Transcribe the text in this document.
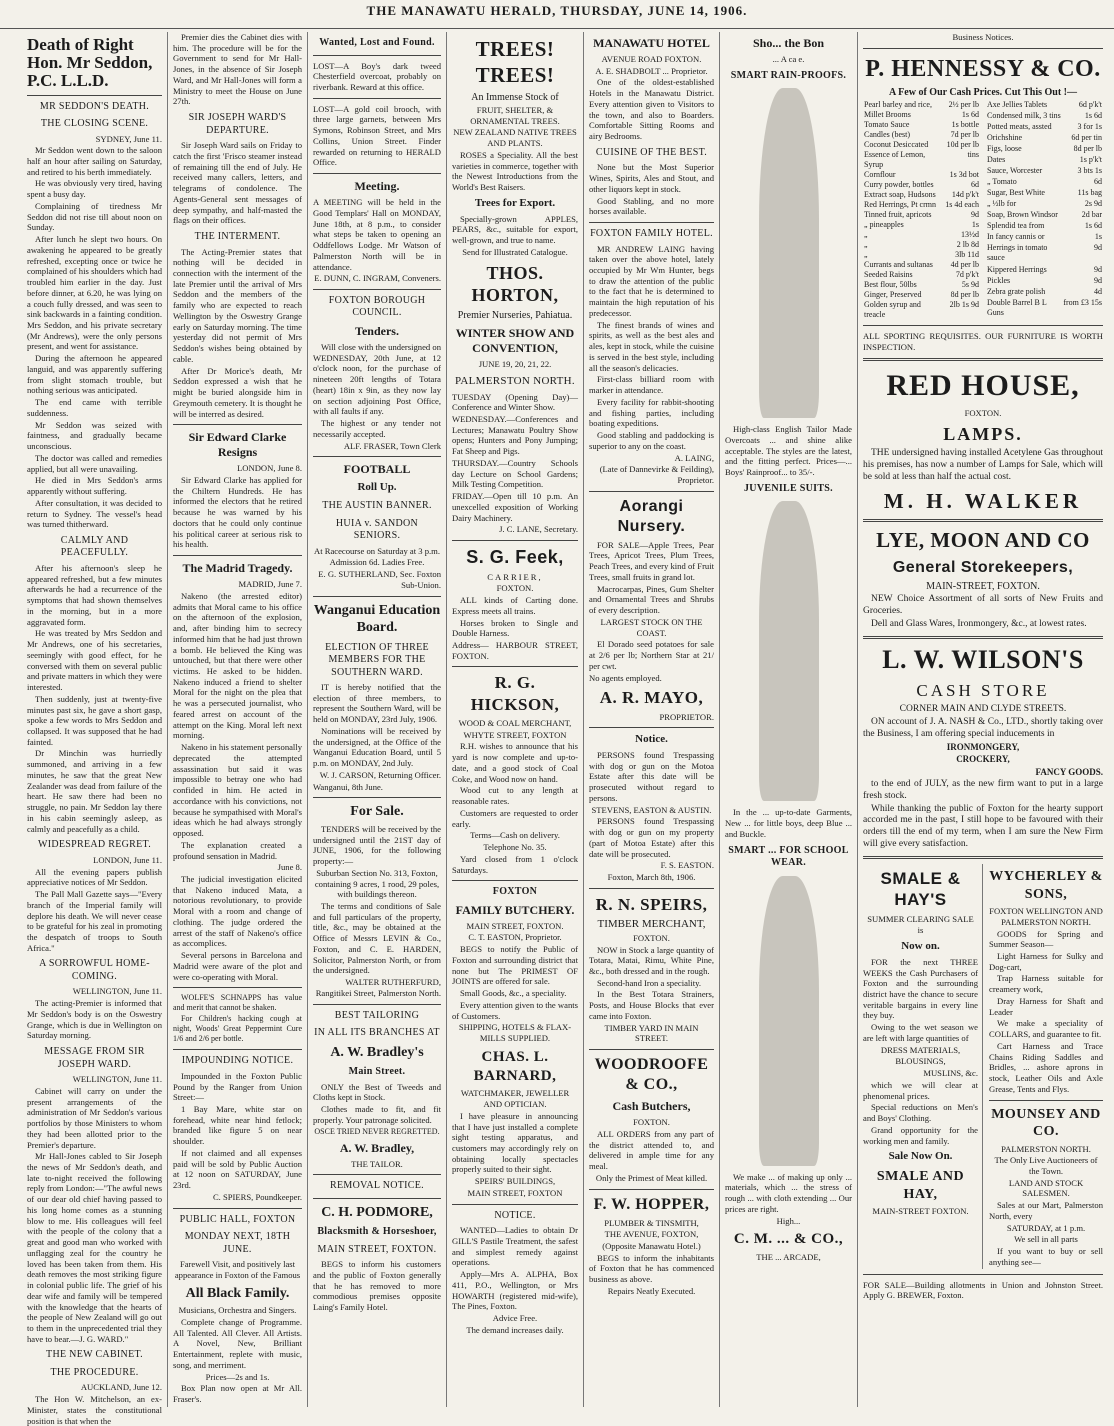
THE MANAWATU HERALD, THURSDAY, JUNE 14, 1906.
Death of Right Hon. Mr Seddon, P.C. L.L.D.
MR SEDDON'S DEATH.
THE CLOSING SCENE.

SYDNEY, June 11.

Mr Seddon went down to the saloon half an hour after sailing on Saturday, and retired to his berth immediately.

He was obviously very tired, having spent a busy day.

Complaining of tiredness Mr Seddon did not rise till about noon on Sunday.

After lunch he slept two hours. On awakening he appeared to be greatly refreshed, excepting once or twice he complained of his shoulders which had troubled him earlier in the day. Just before dinner, at 6.20, he was lying on a couch fully dressed, and was seen to sink backwards in a fainting condition. Mrs Seddon, and his private secretary (Mr Andrews), were the only persons present, and went for assistance.

During the afternoon he appeared languid, and was apparently suffering from slight stomach trouble, but nothing serious was anticipated.

The end came with terrible suddenness.

Mr Seddon was seized with faintness, and gradually became unconscious.

The doctor was called and remedies applied, but all were unavailing.

He died in Mrs Seddon's arms apparently without suffering.

After consultation, it was decided to return to Sydney. The vessel's head was turned thitherward.

CALMLY AND PEACEFULLY.

After his afternoon's sleep he appeared refreshed, but a few minutes afterwards he had a recurrence of the symptoms that had shown themselves in the morning, but in a more aggravated form.

He was treated by Mrs Seddon and Mr Andrews, one of his secretaries, seemingly with good effect, for he conversed with them on several public and private matters in which they were interested.

Then suddenly, just at twenty-five minutes past six, he gave a short gasp, spoke a few words to Mrs Seddon and collapsed. It was supposed that he had fainted.

Dr Minchin was hurriedly summoned, and arriving in a few minutes, he saw that the great New Zealander was dead from failure of the heart. He saw there had been no struggle, no pain. Mr Seddon lay there in his cabin seemingly asleep, as calmly and peacefully as a child.

WIDESPREAD REGRET.

LONDON, June 11.

All the evening papers publish appreciative notices of Mr Seddon.

The Pall Mall Gazette says—"Every branch of the Imperial family will deplore his death. We will never cease to be grateful for his zeal in promoting the despatch of troops to South Africa."

A SORROWFUL HOME-COMING.

WELLINGTON, June 11.

The acting-Premier is informed that Mr Seddon's body is on the Oswestry Grange, which is due in Wellington on Saturday morning.

MESSAGE FROM SIR JOSEPH WARD.

WELLINGTON, June 11.

Cabinet will carry on under the present arrangements of the administration of Mr Seddon's various portfolios by those Ministers to whom they had been allotted prior to the Premier's departure.

Mr Hall-Jones cabled to Sir Joseph the news of Mr Seddon's death, and late to-night received the following reply from London:—"The awful news of our dear old chief having passed to his long home comes as a stunning blow to me. His colleagues will feel with the people of the colony that a great and good man who worked with unflagging zeal for the country he loved has been taken from them. His death removes the most striking figure in colonial public life. The grief of his dear wife and family will be tempered with the knowledge that the hearts of the people of New Zealand will go out to them in the unprecedented trial they have to bear.—J. G. WARD."

THE NEW CABINET.
THE PROCEDURE.

AUCKLAND, June 12.

The Hon W. Mitchelson, an ex-Minister, states the constitutional position is that when the

Premier dies the Cabinet dies with him. The procedure will be for the Government to send for Mr Hall-Jones, in the absence of Sir Joseph Ward, and Mr Hall-Jones will form a Ministry to meet the House on June 27th.

SIR JOSEPH WARD'S DEPARTURE.

Sir Joseph Ward sails on Friday to catch the first 'Frisco steamer instead of remaining till the end of July. He received many callers, letters, and telegrams of condolence. The Agents-General sent messages of deep sympathy, and half-masted the flags on their offices.

THE INTERMENT.

The Acting-Premier states that nothing will be decided in connection with the interment of the late Premier until the arrival of Mrs Seddon and the members of the family who are expected to reach Wellington by the Oswestry Grange early on Saturday morning. The time yesterday did not permit of Mrs Seddon's wishes being obtained by cable.

After Dr Morice's death, Mr Seddon expressed a wish that he might be buried alongside him in Greymouth cemetery. It is thought he will be interred as desired.

Sir Edward Clarke Resigns

LONDON, June 8.

Sir Edward Clarke has applied for the Chiltern Hundreds. He has informed the electors that he retired because he was warned by his doctors that he could only continue his political career at serious risk to his health.

The Madrid Tragedy.

MADRID, June 7.

Nakeno (the arrested editor) admits that Moral came to his office on the afternoon of the explosion, and, after binding him to secrecy informed him that he had just thrown a bomb. He believed the King was untouched, but that there were other victims. He asked to be hidden. Nakeno induced a friend to shelter Moral for the night on the plea that he was a persecuted journalist, who feared arrest on account of the attempt on the King. Moral left next morning.

Nakeno in his statement personally deprecated the attempted assassination but said it was impossible to betray one who had confided in him. He acted in accordance with his convictions, not because he sympathised with Moral's ideas which he had always strongly opposed.

The explanation created a profound sensation in Madrid.

June 8.

The judicial investigation elicited that Nakeno induced Mata, a notorious revolutionary, to provide Moral with a room and change of clothing. The judge ordered the arrest of the staff of Nakeno's office as accomplices.

Several persons in Barcelona and Madrid were aware of the plot and were co-operating with Moral.

WOLFE'S SCHNAPPS has value and merit that cannot be shaken.

For Children's hacking cough at night, Woods' Great Peppermint Cure 1/6 and 2/6 per bottle.

IMPOUNDING NOTICE.

Impounded in the Foxton Public Pound by the Ranger from Union Street:—

1 Bay Mare, white star on forehead, white near hind fetlock; branded like figure 5 on near shoulder.

If not claimed and all expenses paid will be sold by Public Auction at 12 noon on SATURDAY, June 23rd.

C. SPIERS, Poundkeeper.

PUBLIC HALL, FOXTON
MONDAY NEXT, 18TH JUNE.

Farewell Visit, and positively last appearance in Foxton of the Famous

All Black Family.

Musicians, Orchestra and Singers.

Complete change of Programme. All Talented. All Clever. All Artists. A Novel, New, Brilliant Entertainment, replete with music, song, and merriment.

Prices—2s and 1s.

Box Plan now open at Mr All. Fraser's.

Wanted, Lost and Found.

LOST—A Boy's dark tweed Chesterfield overcoat, probably on riverbank. Reward at this office.

LOST—A gold coil brooch, with three large garnets, between Mrs Symons, Robinson Street, and Mrs Collins, Union Street. Finder rewarded on returning to HERALD Office.

Meeting.

A MEETING will be held in the Good Templars' Hall on MONDAY, June 18th, at 8 p.m., to consider what steps be taken to opening an Oddfellows Lodge. Mr Watson of Palmerston North will be in attendance.

E. DUNN, C. INGRAM, Conveners.

FOXTON BOROUGH COUNCIL.
Tenders.

Will close with the undersigned on WEDNESDAY, 20th June, at 12 o'clock noon, for the purchase of nineteen 20ft lengths of Totara (heart) 18in x 9in, as they now lay on section adjoining Post Office, with all faults if any.

The highest or any tender not necessarily accepted.

ALF. FRASER, Town Clerk

FOOTBALL
Roll Up.
THE AUSTIN BANNER.
HUIA v. SANDON SENIORS.

At Racecourse on Saturday at 3 p.m.

Admission 6d. Ladies Free.

E. G. SUTHERLAND, Sec. Foxton Sub-Union.

Wanganui Education Board.
ELECTION OF THREE MEMBERS FOR THE SOUTHERN WARD.

IT is hereby notified that the election of three members, to represent the Southern Ward, will be held on MONDAY, 23rd July, 1906.

Nominations will be received by the undersigned, at the Office of the Wanganui Education Board, until 5 p.m. on MONDAY, 2nd July.

W. J. CARSON, Returning Officer.

Wanganui, 8th June.

For Sale.

TENDERS will be received by the undersigned until the 21ST day of JUNE, 1906, for the following property:—

Suburban Section No. 313, Foxton, containing 9 acres, 1 rood, 29 poles, with buildings thereon.

The terms and conditions of Sale and full particulars of the property, title, &c., may be obtained at the Office of Messrs LEVIN & Co., Foxton, and C. E. HARDEN, Solicitor, Palmerston North, or from the undersigned.

WALTER RUTHERFURD, Rangitikei Street, Palmerston North.

BEST TAILORING
IN ALL ITS BRANCHES AT
A. W. Bradley's
Main Street.

ONLY the Best of Tweeds and Cloths kept in Stock.

Clothes made to fit, and fit properly. Your patronage solicited.

OSCE TRIED NEVER REGRETTED.

A. W. Bradley,

THE TAILOR.

REMOVAL NOTICE.
C. H. PODMORE,
Blacksmith & Horseshoer,
MAIN STREET, FOXTON.

BEGS to inform his customers and the public of Foxton generally that he has removed to more commodious premises opposite Laing's Family Hotel.

TREES! TREES!

An Immense Stock of

FRUIT, SHELTER, & ORNAMENTAL TREES.

NEW ZEALAND NATIVE TREES AND PLANTS.

ROSES a Speciality. All the best varieties in commerce, together with the Newest Introductions from the World's Best Raisers.

Trees for Export.

Specially-grown APPLES, PEARS, &c., suitable for export, well-grown, and true to name.

Send for Illustrated Catalogue.

THOS. HORTON,

Premier Nurseries, Pahiatua.

WINTER SHOW AND CONVENTION,

JUNE 19, 20, 21, 22.

PALMERSTON NORTH.

TUESDAY (Opening Day)—Conference and Winter Show.

WEDNESDAY.—Conferences and Lectures; Manawatu Poultry Show opens; Hunters and Pony Jumping; Fat Sheep and Pigs.

THURSDAY.—Country Schools day Lecture on School Gardens; Milk Testing Competition.

FRIDAY.—Open till 10 p.m. An unexcelled exposition of Working Dairy Machinery.

J. C. LANE, Secretary.

S. G. Feek,

CARRIER,

FOXTON.

ALL kinds of Carting done. Express meets all trains.

Horses broken to Single and Double Harness.

Address— HARBOUR STREET, FOXTON.

R. G. HICKSON,

WOOD & COAL MERCHANT,

WHYTE STREET, FOXTON

R.H. wishes to announce that his yard is now complete and up-to-date, and a good stock of Coal Coke, and Wood now on hand.

Wood cut to any length at reasonable rates.

Customers are requested to order early.

Terms—Cash on delivery.

Telephone No. 35.

Yard closed from 1 o'clock Saturdays.

FOXTON
FAMILY BUTCHERY.

MAIN STREET, FOXTON.

C. T. EASTON, Proprietor.

BEGS to notify the Public of Foxton and surrounding district that none but The PRIMEST OF JOINTS are offered for sale.

Small Goods, &c., a speciality.

Every attention given to the wants of Customers.

SHIPPING, HOTELS & FLAX-MILLS SUPPLIED.

CHAS. L. BARNARD,

WATCHMAKER, JEWELLER AND OPTICIAN.

I have pleasure in announcing that I have just installed a complete sight testing apparatus, and customers may accordingly rely on obtaining locally spectacles properly suited to their sight.

SPEIRS' BUILDINGS,

MAIN STREET, FOXTON

NOTICE.

WANTED—Ladies to obtain Dr GILL'S Pastile Treatment, the safest and simplest remedy against operations.

Apply—Mrs A. ALPHA, Box 411, P.O., Wellington, or Mrs HOWARTH (registered mid-wife), The Pines, Foxton.

Advice Free.

The demand increases daily.

MANAWATU HOTEL

AVENUE ROAD FOXTON.

A. E. SHADBOLT ... Proprietor.

One of the oldest-established Hotels in the Manawatu District. Every attention given to Visitors to the town, and also to Boarders. Comfortable Sitting Rooms and airy Bedrooms.

CUISINE OF THE BEST.

None but the Most Superior Wines, Spirits, Ales and Stout, and other liquors kept in stock.

Good Stabling, and no more horses available.

FOXTON FAMILY HOTEL.

MR ANDREW LAING having taken over the above hotel, lately occupied by Mr Wm Hunter, begs to draw the attention of the public to the fact that he is determined to maintain the high reputation of his predecessor.

The finest brands of wines and spirits, as well as the best ales and ales, kept in stock, while the cuisine is served in the best style, including all the season's delicacies.

First-class billiard room with marker in attendance.

Every facility for rabbit-shooting and fishing parties, including boating expeditions.

Good stabling and paddocking is superior to any on the coast.

A. LAING,

(Late of Dannevirke & Feilding), Proprietor.

Aorangi Nursery.

FOR SALE—Apple Trees, Pear Trees, Apricot Trees, Plum Trees, Peach Trees, and every kind of Fruit Trees, small fruits in grand lot.

Macrocarpas, Pines, Gum Shelter and Ornamental Trees and Shrubs of every description.

LARGEST STOCK ON THE COAST.

El Dorado seed potatoes for sale at 2/6 per lb; Northern Star at 21/ per cwt.

No agents employed.

A. R. MAYO,

PROPRIETOR.

Notice.

PERSONS found Trespassing with dog or gun on the Motoa Estate after this date will be prosecuted without regard to persons.

STEVENS, EASTON & AUSTIN.

PERSONS found Trespassing with dog or gun on my property (part of Motoa Estate) after this date will be prosecuted.

F. S. EASTON.

Foxton, March 8th, 1906.

R. N. SPEIRS,

TIMBER MERCHANT,

FOXTON.

NOW in Stock a large quantity of Totara, Matai, Rimu, White Pine, &c., both dressed and in the rough.

Second-hand Iron a speciality.

In the Best Totara Strainers, Posts, and House Blocks that ever came into Foxton.

TIMBER YARD IN MAIN STREET.

WOODROOFE & CO.,
Cash Butchers,

FOXTON.

ALL ORDERS from any part of the district attended to, and delivered in ample time for any meal.

Only the Primest of Meat killed.

F. W. HOPPER,

PLUMBER & TINSMITH,

THE AVENUE, FOXTON,

(Opposite Manawatu Hotel.)

BEGS to inform the inhabitants of Foxton that he has commenced business as above.

Repairs Neatly Executed.

Sho... the Bon

... A ca e.

SMART RAIN-PROOFS.

High-class English Tailor Made Overcoats ... and shine alike acceptable. The styles are the latest, and the fitting perfect. Prices—... Boys' Rainproof... to 35/-.

JUVENILE SUITS.

In the ... up-to-date Garments, New ... for little boys, deep Blue ... and Buckle.

SMART ... FOR SCHOOL WEAR.

We make ... of making up only ... materials, which ... the stress of rough ... with cloth extending ... Our prices are right.

High...

C. M. ... & CO.,

THE ... ARCADE,

Business Notices.

P. HENNESSY & CO.

A Few of Our Cash Prices. Cut This Out !—

Pearl barley and rice,	2½ per lb
Millet Brooms	1s 6d
Tomato Sauce	1s bottle
Candles (best)	7d per lb
Coconut Desiccated	10d per lb
Essence of Lemon, Syrup	tins
Cornflour	1s 3d bot
Curry powder, bottles	6d
Extract soap, Hudsons	14d p'k't
Red Herrings, Pt crmn	1s 4d each
Tinned fruit, apricots	9d
„ pineapples	1s
„	13½d
„	2 lb 8d
„	3lb 11d
Currants and sultanas	4d per lb
Seeded Raisins	7d p'k't
Best flour, 50lbs	5s 9d
Ginger, Preserved	8d per lb
Golden syrup and treacle	2lb 1s 9d
Axe Jellies Tablets	6d p'k't
Condensed milk, 3 tins	1s 6d
Potted meats, assted	3 for 1s
Orichshine	6d per tin
Figs, loose	8d per lb
Dates	1s p'k't
Sauce, Worcester	3 bts 1s
„ Tomato	6d
Sugar, Best White	11s bag
„ ½lb for	2s 9d
Soap, Brown Windsor	2d bar
Splendid tea from	1s 6d
In fancy cannis or	1s
Herrings in tomato sauce	9d
Kippered Herrings	9d
Pickles	9d
Zebra grate polish	4d
Double Barrel B L Guns	from £3 15s

ALL SPORTING REQUISITES. OUR FURNITURE IS WORTH INSPECTION.

RED HOUSE,

FOXTON.

LAMPS.

THE undersigned having installed Acetylene Gas throughout his premises, has now a number of Lamps for Sale, which will be sold at less than half the actual cost.

M. H. WALKER
LYE, MOON AND CO
General Storekeepers,

MAIN-STREET, FOXTON.

NEW Choice Assortment of all sorts of New Fruits and Groceries.

Dell and Glass Wares, Ironmongery, &c., at lowest rates.

L. W. WILSON'S
CASH STORE

CORNER MAIN AND CLYDE STREETS.

ON account of J. A. NASH & Co., LTD., shortly taking over the Business, I am offering special inducements in

IRONMONGERY,

CROCKERY,

FANCY GOODS.

to the end of JULY, as the new firm want to put in a large fresh stock.

While thanking the public of Foxton for the hearty support accorded me in the past, I still hope to be favoured with their orders till the end of my term, when I am sure the New Firm will give every satisfaction.

SMALE & HAY'S

SUMMER CLEARING SALE

is

Now on.

FOR the next THREE WEEKS the Cash Purchasers of Foxton and the surrounding district have the chance to secure veritable bargains in every line they buy.

Owing to the wet season we are left with large quantities of

DRESS MATERIALS,

BLOUSINGS,

MUSLINS, &c.

which we will clear at phenomenal prices.

Special reductions on Men's and Boys' Clothing.

Grand opportunity for the working men and family.

Sale Now On.
SMALE AND HAY,

MAIN-STREET FOXTON.

WYCHERLEY & SONS,

FOXTON WELLINGTON AND PALMERSTON NORTH.

GOODS for Spring and Summer Season—

Light Harness for Sulky and Dog-cart,

Trap Harness suitable for creamery work,

Dray Harness for Shaft and Leader

We make a speciality of COLLARS, and guarantee to fit.

Cart Harness and Trace Chains Riding Saddles and Bridles, ... ashore aprons in stock, Leather Oils and Axle Grease, Tents and Flys.

MOUNSEY AND CO.

PALMERSTON NORTH.

The Only Live Auctioneers of the Town.

LAND AND STOCK SALESMEN.

Sales at our Mart, Palmerston North, every

SATURDAY, at 1 p.m.

We sell in all parts

If you want to buy or sell anything see—

FOR SALE—Building allotments in Union and Johnston Street. Apply G. BREWER, Foxton.
